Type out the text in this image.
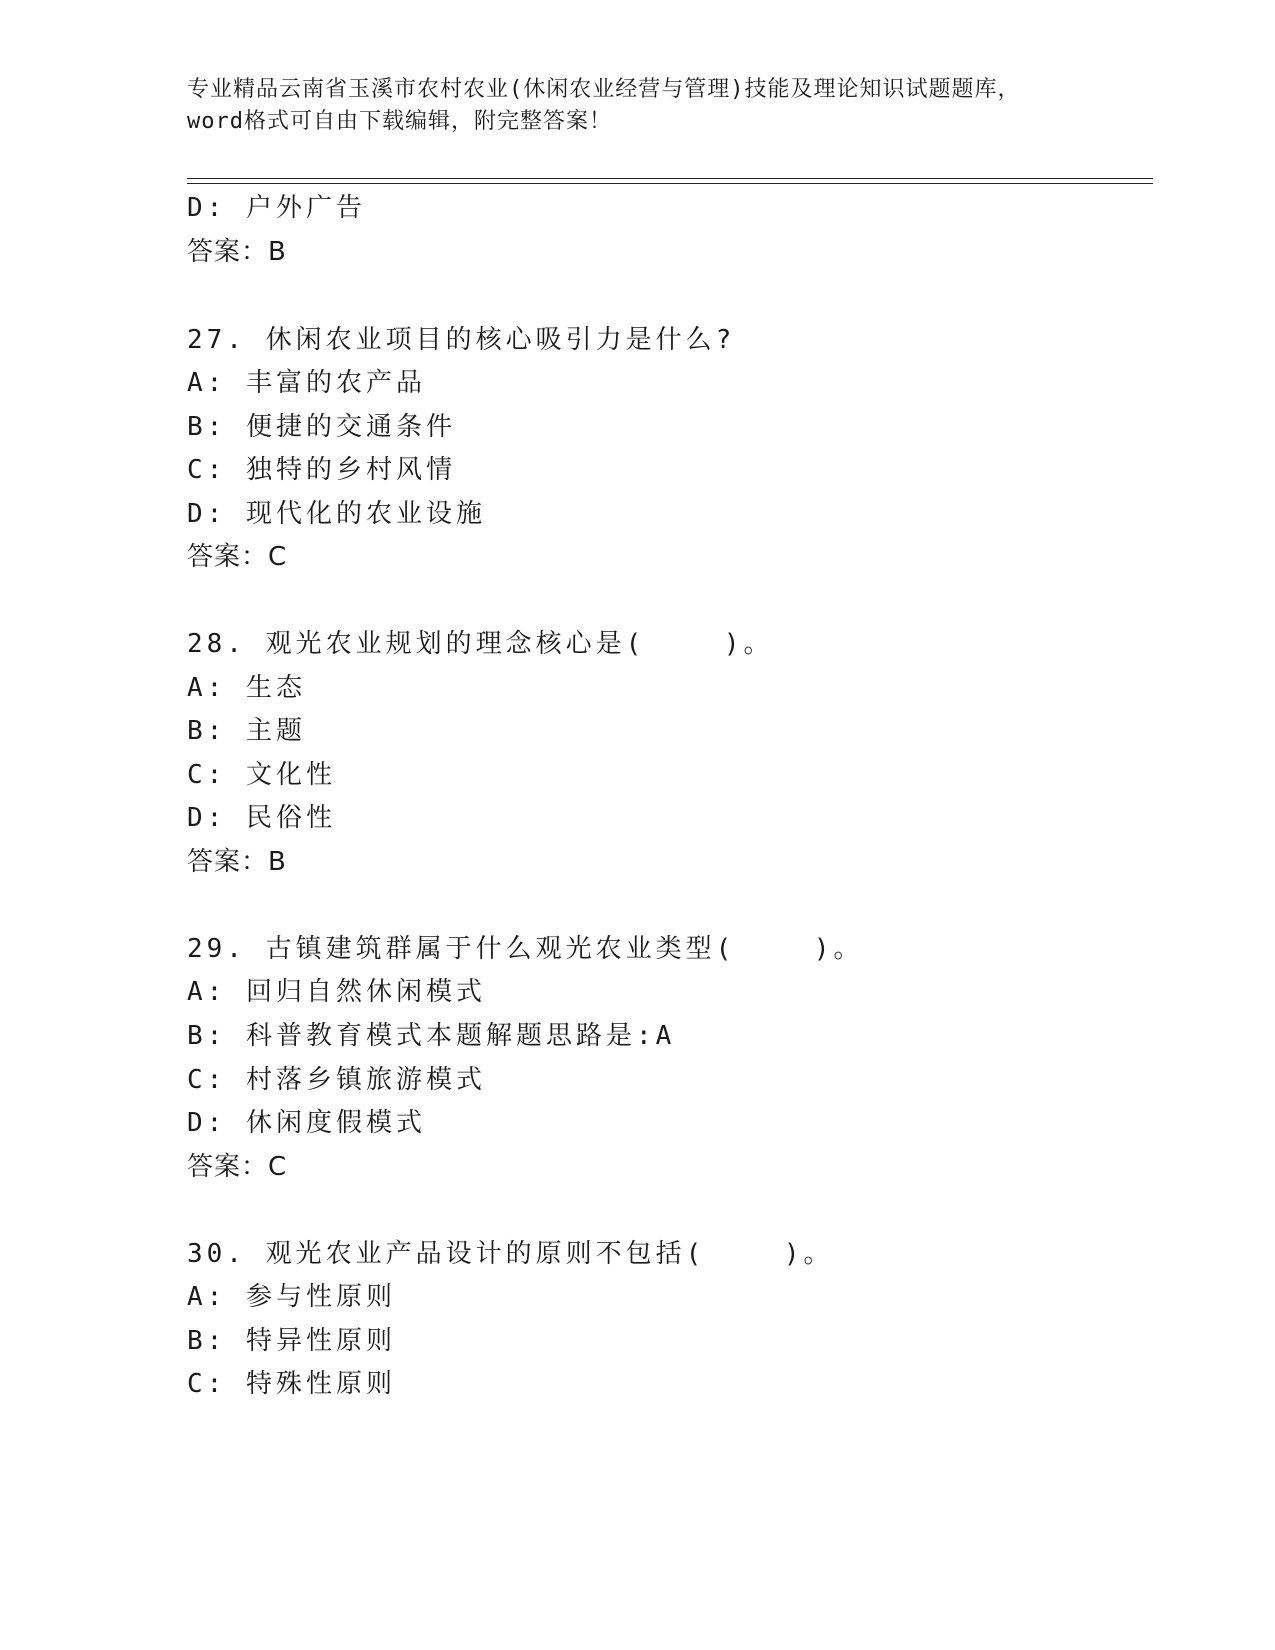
专业精品云南省玉溪市农村农业(休闲农业经营与管理)技能及理论知识试题题库，
word格式可自由下载编辑，附完整答案！
D: 户外广告
答案：B
27. 休闲农业项目的核心吸引力是什么?
A: 丰富的农产品
B: 便捷的交通条件
C: 独特的乡村风情
D: 现代化的农业设施
答案：C
28. 观光农业规划的理念核心是(    )。
A: 生态
B: 主题
C: 文化性
D: 民俗性
答案：B
29. 古镇建筑群属于什么观光农业类型(    )。
A: 回归自然休闲模式
B: 科普教育模式本题解题思路是:A
C: 村落乡镇旅游模式
D: 休闲度假模式
答案：C
30. 观光农业产品设计的原则不包括(    )。
A: 参与性原则
B: 特异性原则
C: 特殊性原则
